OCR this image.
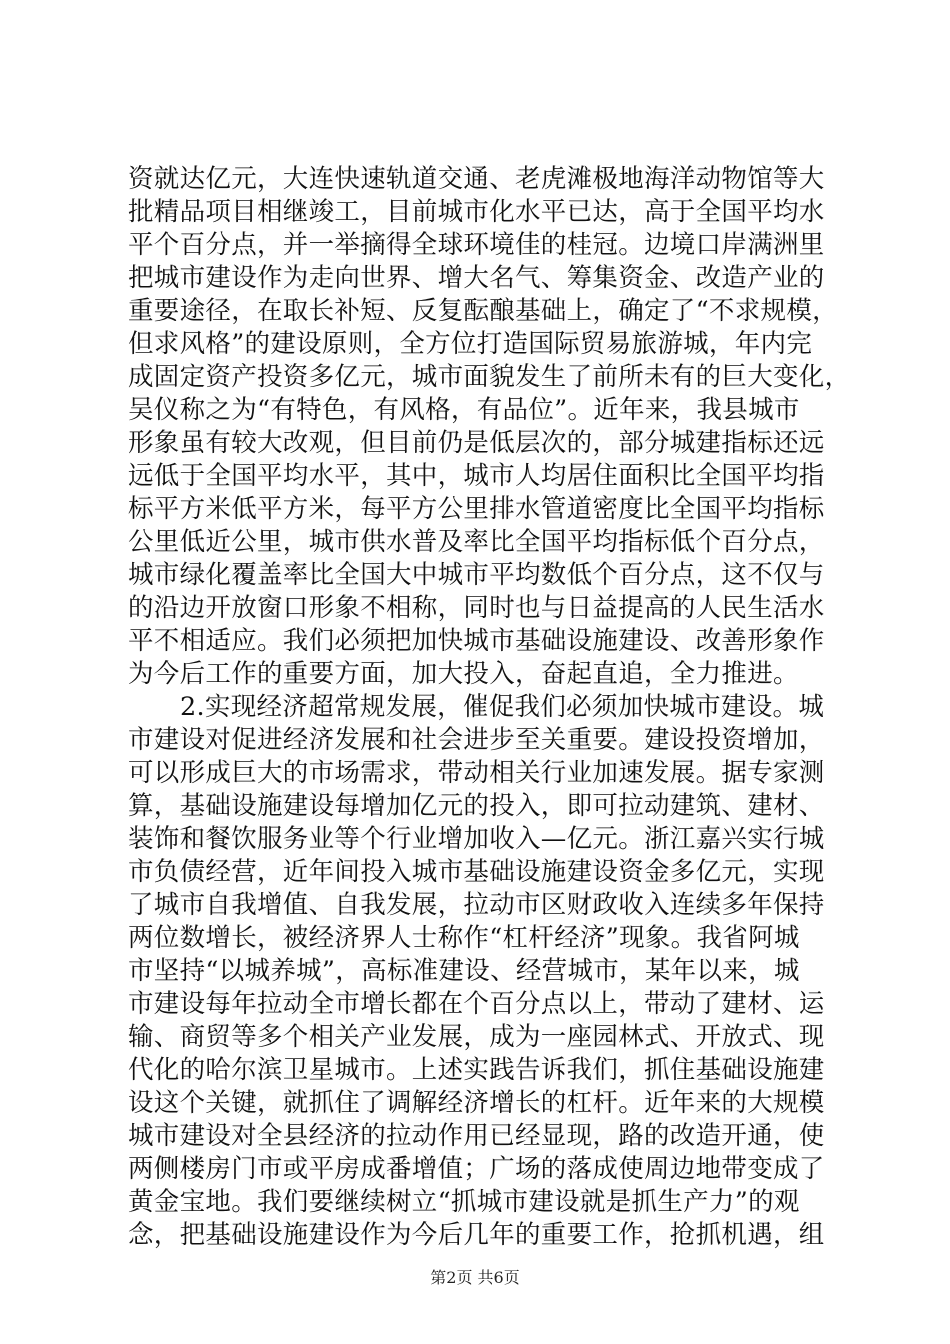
资就达亿元，大连快速轨道交通、老虎滩极地海洋动物馆等大
批精品项目相继竣工，目前城市化水平已达，高于全国平均水
平个百分点，并一举摘得全球环境佳的桂冠。边境口岸满洲里
把城市建设作为走向世界、增大名气、筹集资金、改造产业的
重要途径，在取长补短、反复酝酿基础上，确定了“不求规模，
但求风格”的建设原则，全方位打造国际贸易旅游城，年内完
成固定资产投资多亿元，城市面貌发生了前所未有的巨大变化，
吴仪称之为“有特色，有风格，有品位”。近年来，我县城市
形象虽有较大改观，但目前仍是低层次的，部分城建指标还远
远低于全国平均水平，其中，城市人均居住面积比全国平均指
标平方米低平方米，每平方公里排水管道密度比全国平均指标
公里低近公里，城市供水普及率比全国平均指标低个百分点，
城市绿化覆盖率比全国大中城市平均数低个百分点，这不仅与
的沿边开放窗口形象不相称，同时也与日益提高的人民生活水
平不相适应。我们必须把加快城市基础设施建设、改善形象作
为今后工作的重要方面，加大投入，奋起直追，全力推进。
2.实现经济超常规发展，催促我们必须加快城市建设。城
市建设对促进经济发展和社会进步至关重要。建设投资增加，
可以形成巨大的市场需求，带动相关行业加速发展。据专家测
算，基础设施建设每增加亿元的投入，即可拉动建筑、建材、
装饰和餐饮服务业等个行业增加收入—亿元。浙江嘉兴实行城
市负债经营，近年间投入城市基础设施建设资金多亿元，实现
了城市自我增值、自我发展，拉动市区财政收入连续多年保持
两位数增长，被经济界人士称作“杠杆经济”现象。我省阿城
市坚持“以城养城”，高标准建设、经营城市，某年以来，城
市建设每年拉动全市增长都在个百分点以上，带动了建材、运
输、商贸等多个相关产业发展，成为一座园林式、开放式、现
代化的哈尔滨卫星城市。上述实践告诉我们，抓住基础设施建
设这个关键，就抓住了调解经济增长的杠杆。近年来的大规模
城市建设对全县经济的拉动作用已经显现，路的改造开通，使
两侧楼房门市或平房成番增值；广场的落成使周边地带变成了
黄金宝地。我们要继续树立“抓城市建设就是抓生产力”的观
念，把基础设施建设作为今后几年的重要工作，抢抓机遇，组
第2页 共6页
